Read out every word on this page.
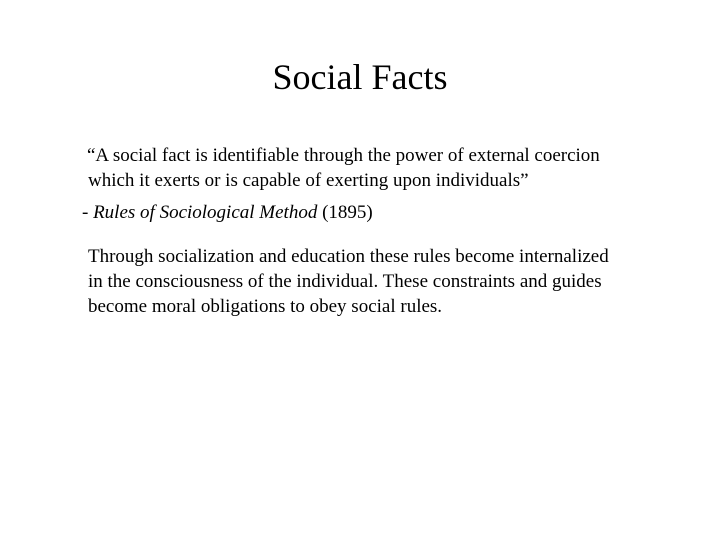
Social Facts
“A social fact is identifiable through the power of external coercion
which it exerts or is capable of exerting upon individuals”
- Rules of Sociological Method (1895)
Through socialization and education these rules become internalized
in the consciousness of the individual. These constraints and guides
become moral obligations to obey social rules.
